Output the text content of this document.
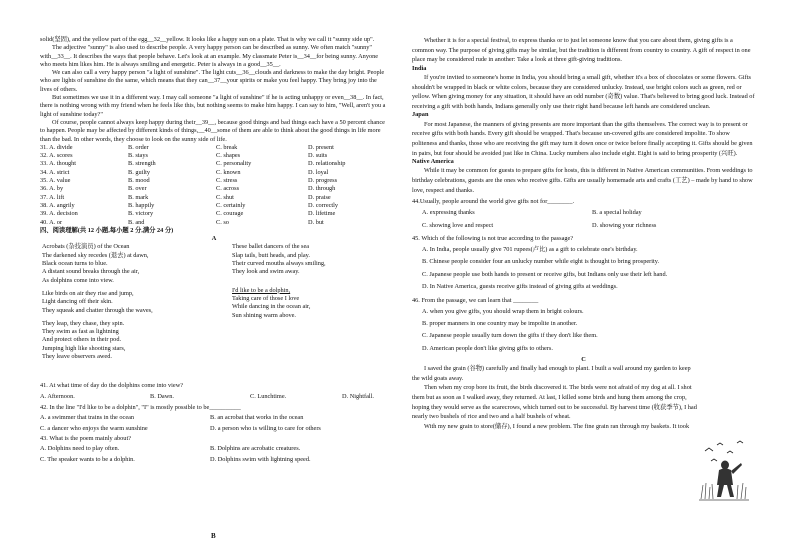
solid(坚固), and the yellow part of the egg__32__yellow. It looks like a happy sun on a plate. That is why we call it "sunny side up".

The adjective "sunny" is also used to describe people. A very happy person can be described as sunny. We often match "sunny" with__33__. It describes the ways that people behave. Let's look at an example. My classmate Peter is__34__for being sunny. Anyone who meets him likes him. He is always smiling and energetic. Peter is always in a good__35__.

We can also call a very happy person "a light of sunshine". The light cuts__36__clouds and darkness to make the day bright. People who are lights of sunshine do the same, which means that they can__37__your spirits or make you feel happy. They bring joy into the lives of others.

But sometimes we use it in a different way. I may call someone "a light of sunshine" if he is acting unhappy or even__38__. In fact, there is nothing wrong with my friend when he feels like this, but nothing seems to make him happy. I can say to him, "Well, aren't you a light of sunshine today?"

Of course, people cannot always keep happy during their__39__, because good things and bad things each have a 50 percent chance to happen. People may be affected by different kinds of things,__40__some of them are able to think about the good things in life more than the bad. In other words, they choose to look on the sunny side of life.

31. A. divide	B. order	C. break	D. present
32. A. scores	B. stays	C. shapes	D. suits
33. A. thought	B. strength	C. personality	D. relationship
34. A. strict	B. guilty	C. known	D. loyal
35. A. value	B. mood	C. stress	D. progress
36. A. by	B. over	C. across	D. through
37. A. lift	B. mark	C. shut	D. praise
38. A. angrily	B. happily	C. certainly	D. correctly
39. A. decision	B. victory	C. courage	D. lifetime
40. A. or	B. and	C. so	D. but
四、阅读理解(共 12 小题,每小题 2 分,满分 24 分)
A
Acrobats (杂技演员) of the Ocean
The darkened sky recedes (退去) at dawn,
Black ocean turns to blue.
A distant sound breaks through the air,
As dolphins come into view.
Like birds on air they rise and jump,
Light dancing off their skin.
They squeak and chatter through the waves,
They leap, they chase, they spin.
They swim as fast as lightning
And protect others in their pod.
Jumping high like shooting stars,
They leave observers awed.
These ballet dancers of the sea
Slap tails, butt heads, and play.
Their curved mouths always smiling,
They look and swim away.
I'd like to be a dolphin,
Taking care of those I love
While dancing in the ocean air,
Sun shining warm above.
41. At what time of day do the dolphins come into view?
A. Afternoon.	B. Dawn.	C. Lunchtime.	D. Nightfall.
42. In the line "I'd like to be a dolphin", "I" is mostly possible to be__________
A. a swimmer that trains in the ocean	B. an acrobat that works in the ocean
C. a dancer who enjoys the warm sunshine	D. a person who is willing to care for others
43. What is the poem mainly about?
A. Dolphins need to play often.	B. Dolphins are acrobatic creatures.
C. The speaker wants to be a dolphin.	D. Dolphins swim with lightning speed.
B

Whether it is for a special festival, to express thanks or to just let someone know that you care about them, giving gifts is a common way. The purpose of giving gifts may be similar, but the tradition is different from country to country. A gift of respect in one place may be considered rude in another: Take a look at three gift-giving traditions.

India

If you're invited to someone's home in India, you should bring a small gift, whether it's a box of chocolates or some flowers. Gifts shouldn't be wrapped in black or white colors, because they are considered unlucky. Instead, use bright colors such as green, red or yellow. When giving money for any situation, it should have an odd number (奇数) value. That's believed to bring good luck. Instead of receiving a gift with both hands, Indians generally only use their right hand because left hands are considered unclean.

Japan

For most Japanese, the manners of giving presents are more important than the gifts themselves. The correct way is to present or receive gifts with both hands. Every gift should be wrapped. That's because un-covered gifts are considered impolite. To show politeness and thanks, those who are receiving the gift may turn it down once or twice before finally accepting it. Gifts should be given in pairs, but four should be avoided just like in China. Lucky numbers also include eight. Eight is said to bring prosperity (兴旺).

Native America

While it may be common for guests to prepare gifts for hosts, this is different in Native American communities. From weddings to birthday celebrations, guests are the ones who receive gifts. Gifts are usually homemade arts and crafts (工艺) – made by hand to show love, respect and thanks.

44.Usually, people around the world give gifts not for________.
A. expressing thanks	B. a special holiday
C. showing love and respect	D. showing your richness
45. Which of the following is not true according to the passage?
A. In India, people usually give 701 rupees(卢比) as a gift to celebrate one's birthday.
B. Chinese people consider four an unlucky number while eight is thought to bring prosperity.
C. Japanese people use both hands to present or receive gifts, but Indians only use their left hand.
D. In Native America, guests receive gifts instead of giving gifts at weddings.
46. From the passage, we can learn that ________
A. when you give gifts, you should wrap them in bright colours.
B. proper manners in one country may be impolite in another.
C. Japanese people usually turn down the gifts if they don't like them.
D. American people don't like giving gifts to others.
C

I saved the grain (谷物) carefully and finally had enough to plant. I built a wall around my garden to keep the wild goats away.

Then when my crop bore its fruit, the birds discovered it. The birds were not afraid of my dog at all. I shot them but as soon as I walked away, they returned. At last, I killed some birds and hung them among the crop, hoping they would serve as the scarecrows, which turned out to be successful. By harvest time (收获季节), I had nearly two bushels of rice and two and a half bushels of wheat.

With my new grain to store(储存), I found a new problem. The fine grain ran through my baskets. It took
